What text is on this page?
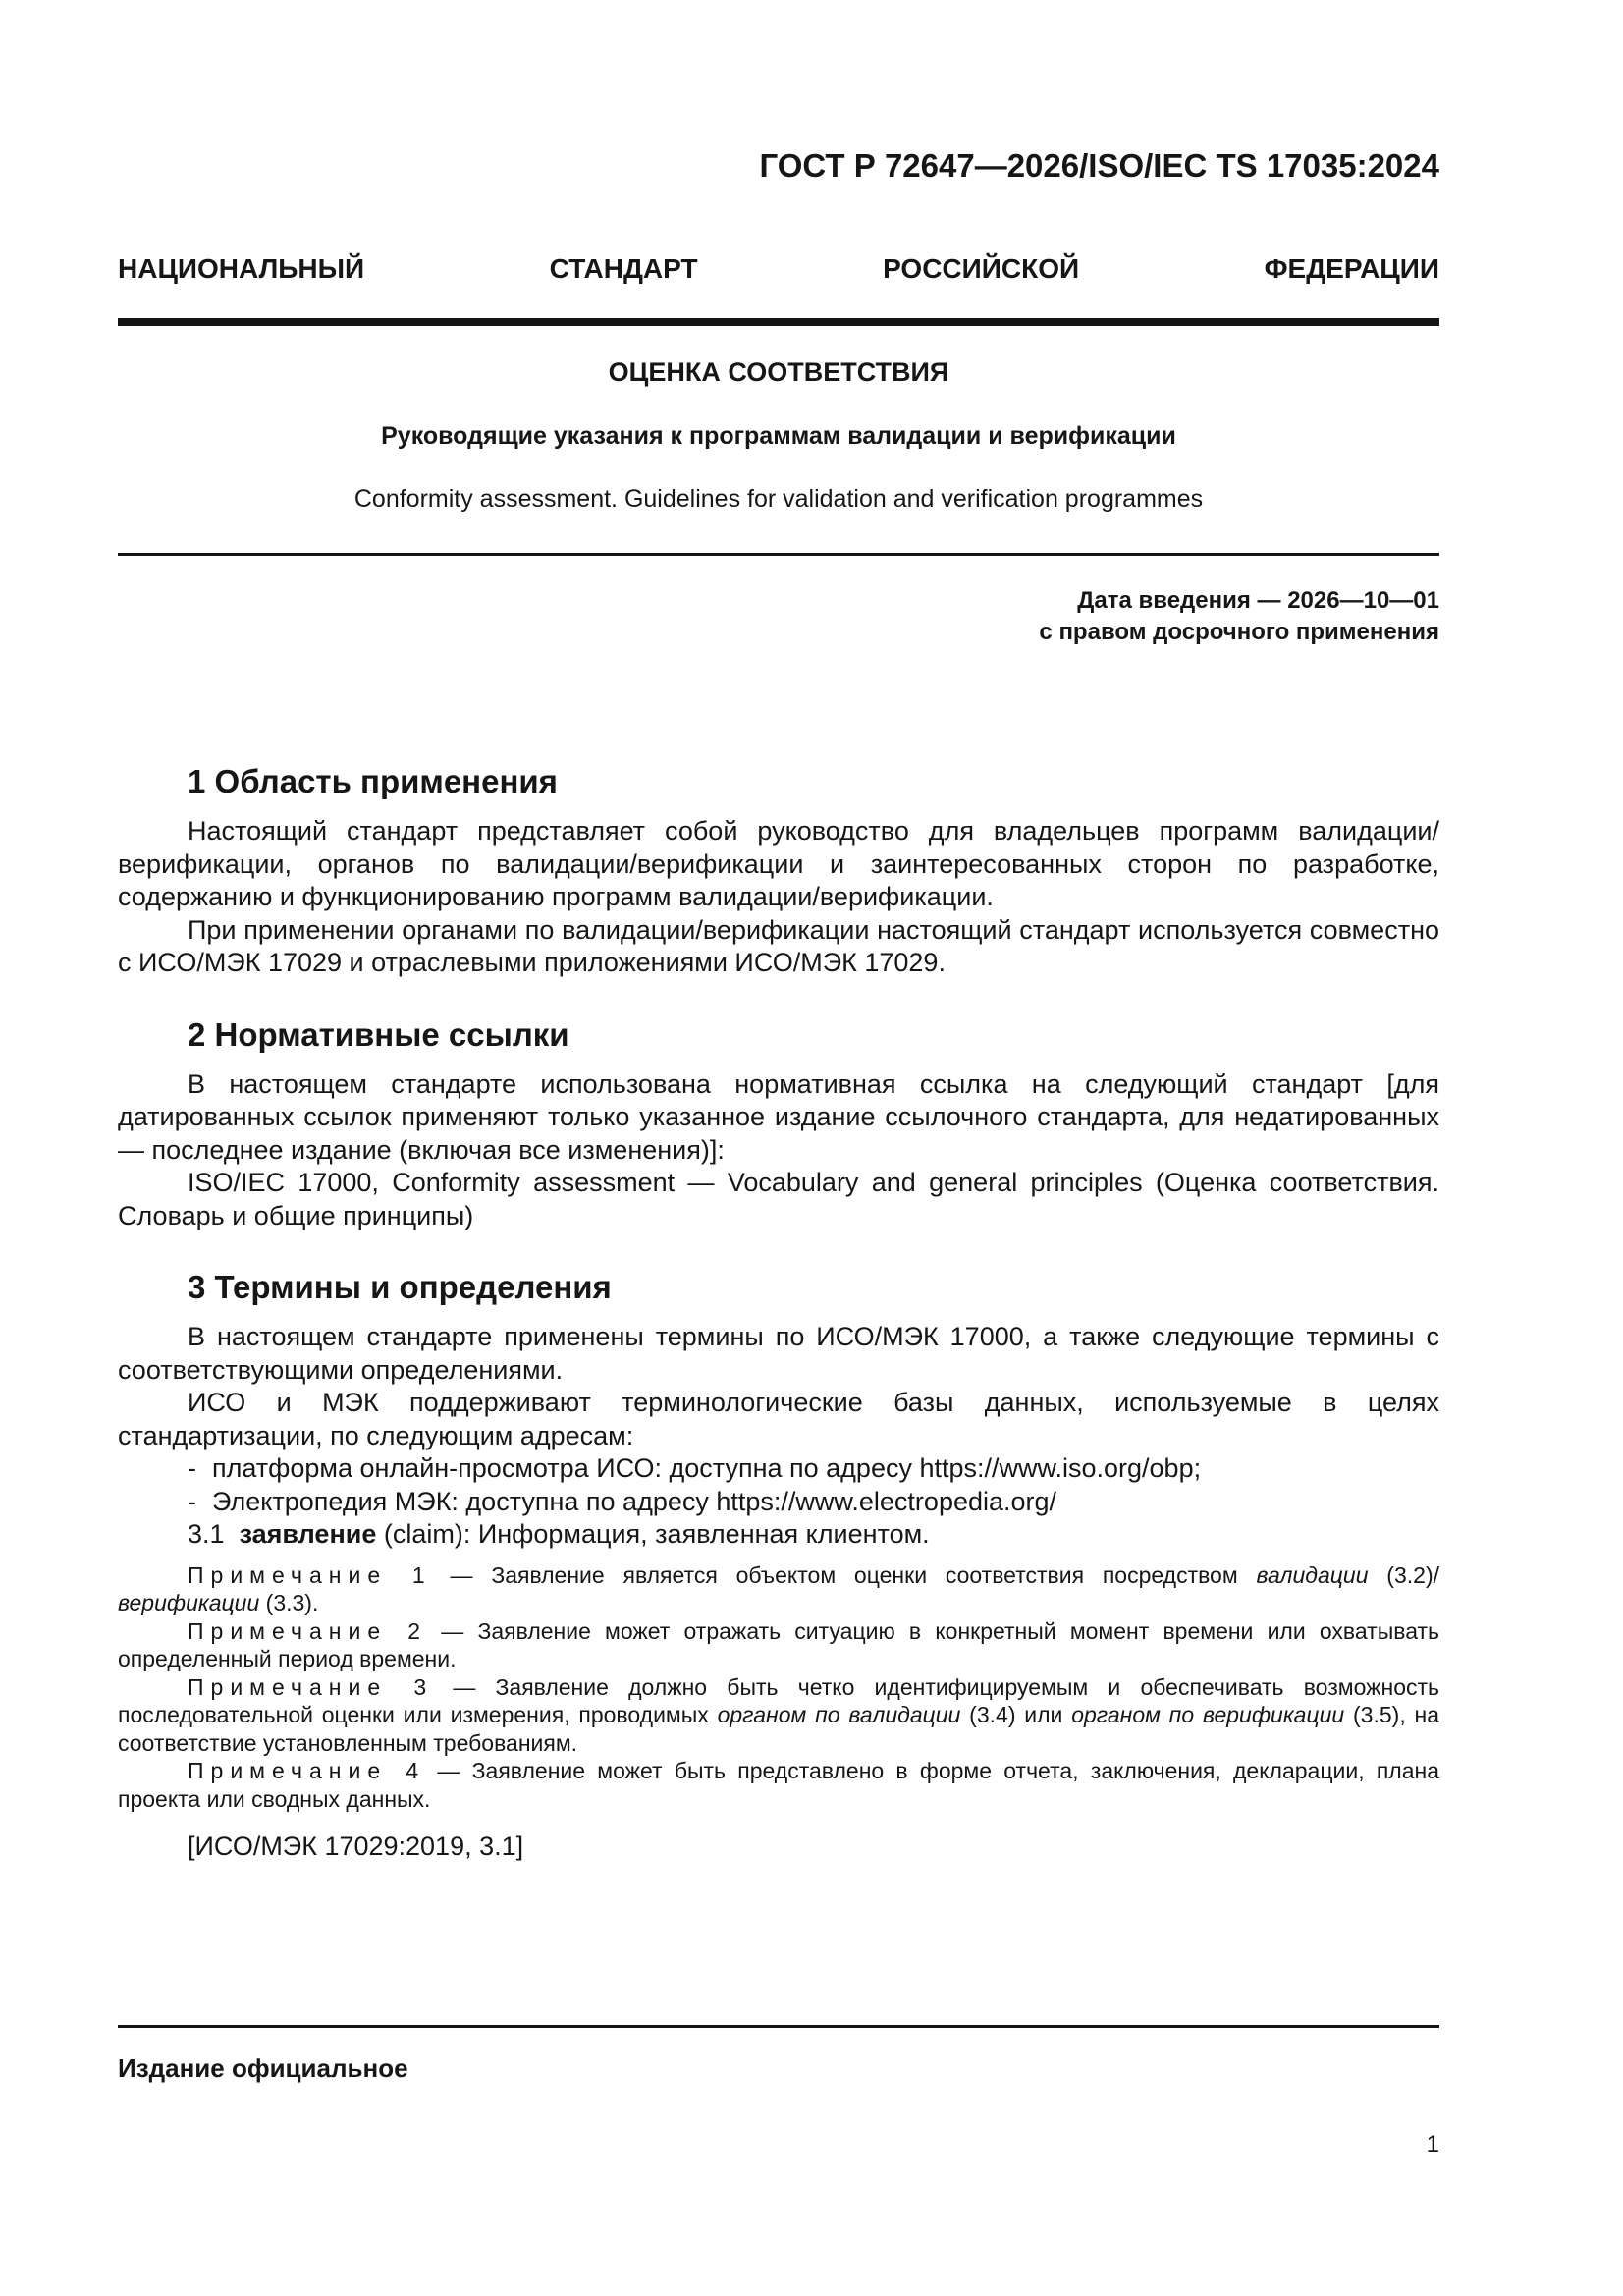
ГОСТ Р 72647—2026/ISO/IEC TS 17035:2024
НАЦИОНАЛЬНЫЙ СТАНДАРТ РОССИЙСКОЙ ФЕДЕРАЦИИ
ОЦЕНКА СООТВЕТСТВИЯ
Руководящие указания к программам валидации и верификации
Conformity assessment. Guidelines for validation and verification programmes
Дата введения — 2026—10—01
с правом досрочного применения
1 Область применения

Настоящий стандарт представляет собой руководство для владельцев программ валидации/верификации, органов по валидации/верификации и заинтересованных сторон по разработке, содержанию и функционированию программ валидации/верификации.

При применении органами по валидации/верификации настоящий стандарт используется совместно с ИСО/МЭК 17029 и отраслевыми приложениями ИСО/МЭК 17029.

2 Нормативные ссылки

В настоящем стандарте использована нормативная ссылка на следующий стандарт [для датированных ссылок применяют только указанное издание ссылочного стандарта, для недатированных — последнее издание (включая все изменения)]:

ISO/IEC 17000, Conformity assessment — Vocabulary and general principles (Оценка соответствия. Словарь и общие принципы)

3 Термины и определения

В настоящем стандарте применены термины по ИСО/МЭК 17000, а также следующие термины с соответствующими определениями.

ИСО и МЭК поддерживают терминологические базы данных, используемые в целях стандартизации, по следующим адресам:

- платформа онлайн-просмотра ИСО: доступна по адресу https://www.iso.org/obp;

- Электропедия МЭК: доступна по адресу https://www.electropedia.org/

3.1 заявление (claim): Информация, заявленная клиентом.

Примечание 1 — Заявление является объектом оценки соответствия посредством валидации (3.2)/верификации (3.3).

Примечание 2 — Заявление может отражать ситуацию в конкретный момент времени или охватывать определенный период времени.

Примечание 3 — Заявление должно быть четко идентифицируемым и обеспечивать возможность последовательной оценки или измерения, проводимых органом по валидации (3.4) или органом по верификации (3.5), на соответствие установленным требованиям.

Примечание 4 — Заявление может быть представлено в форме отчета, заключения, декларации, плана проекта или сводных данных.

[ИСО/МЭК 17029:2019, 3.1]

Издание официальное
1
